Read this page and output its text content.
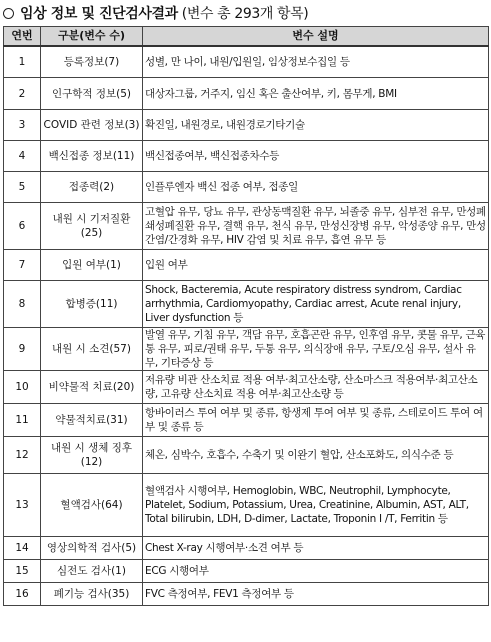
임상 정보 및 진단검사결과 (변수 총 293개 항목)
연번	구분(변수 수)	변수 설명
1	등록정보(7)	성별, 만 나이, 내원/입원일, 임상정보수집일 등
2	인구학적 정보(5)	대상자그룹, 거주지, 임신 혹은 출산여부, 키, 몸무게, BMI
3	COVID 관련 정보(3)	확진일, 내원경로, 내원경로기타기술
4	백신접종 정보(11)	백신접종여부, 백신접종차수등
5	접종력(2)	인플루엔자 백신 접종 여부, 접종일
6	내원 시 기저질환(25)	고혈압 유무, 당뇨 유무, 관상동맥질환 유무, 뇌졸중 유무, 심부전 유무, 만성폐쇄성폐질환 유무, 결핵 유무, 천식 유무, 만성신장병 유무, 악성종양 유무, 만성간염/간경화 유무, HIV 감염 및 치료 유무, 흡연 유무 등
7	입원 여부(1)	입원 여부
8	합병증(11)	Shock, Bacteremia, Acute respiratory distress syndrom, Cardiac arrhythmia, Cardiomyopathy, Cardiac arrest, Acute renal injury, Liver dysfunction 등
9	내원 시 소견(57)	발열 유무, 기침 유무, 객담 유무, 호흡곤란 유무, 인후염 유무, 콧물 유무, 근육통 유무, 피로/권태 유무, 두통 유무, 의식장애 유무, 구토/오심 유무, 설사 유무, 기타증상 등
10	비약물적 치료(20)	저유량 비관 산소치료 적용 여부·최고산소량, 산소마스크 적용여부·최고산소량, 고유량 산소치료 적용 여부·최고산소량 등
11	약물적치료(31)	항바이러스 투여 여부 및 종류, 항생제 투여 여부 및 종류, 스테로이드 투여 여부 및 종류 등
12	내원 시 생체 징후(12)	체온, 심박수, 호흡수, 수축기 및 이완기 혈압, 산소포화도, 의식수준 등
13	혈액검사(64)	혈액검사 시행여부, Hemoglobin, WBC, Neutrophil, Lymphocyte, Platelet, Sodium, Potassium, Urea, Creatinine, Albumin, AST, ALT, Total bilirubin, LDH, D-dimer, Lactate, Troponin I /T, Ferritin 등
14	영상의학적 검사(5)	Chest X-ray 시행여부·소견 여부 등
15	심전도 검사(1)	ECG 시행여부
16	폐기능 검사(35)	FVC 측정여부, FEV1 측정여부 등
